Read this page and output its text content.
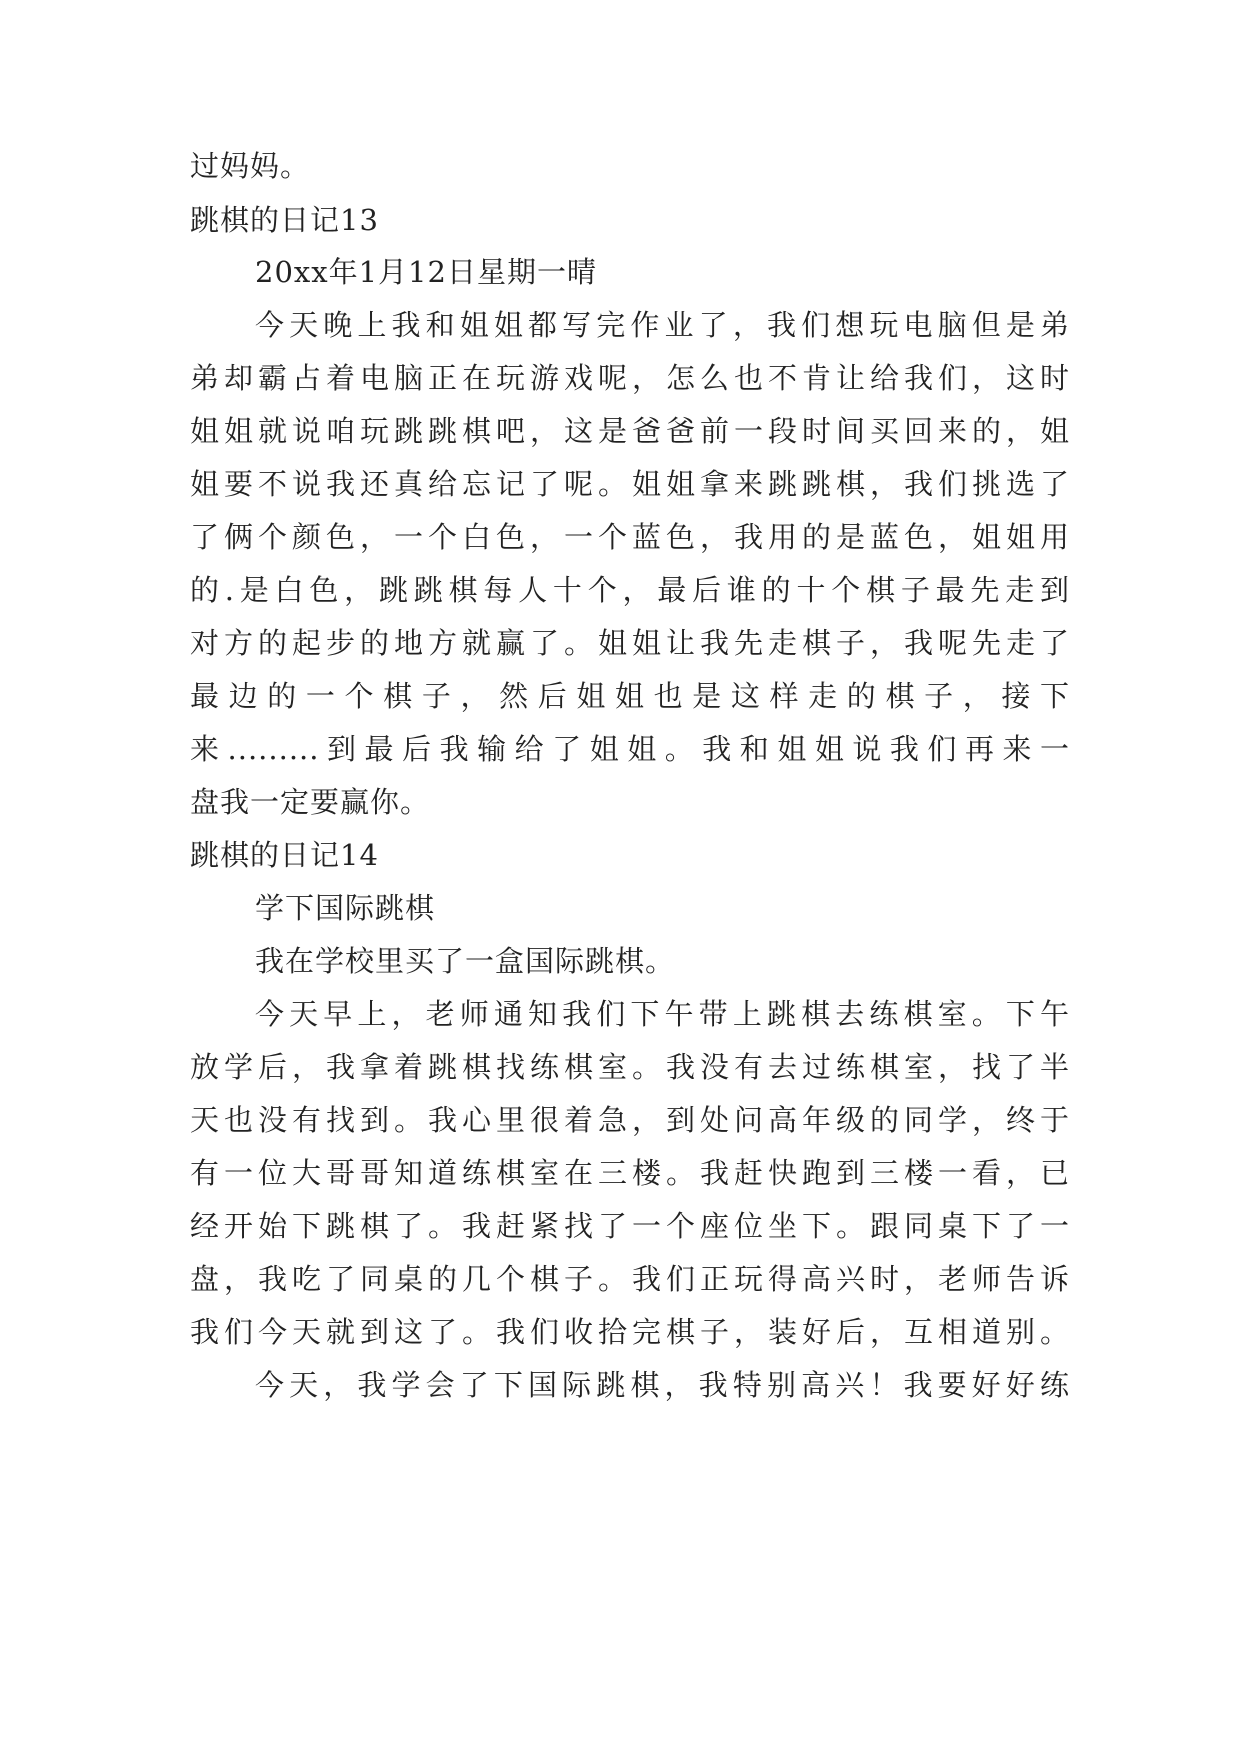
过妈妈。
跳棋的日记13
20xx年1月12日星期一晴
今天晚上我和姐姐都写完作业了，我们想玩电脑但是弟
弟却霸占着电脑正在玩游戏呢，怎么也不肯让给我们，这时
姐姐就说咱玩跳跳棋吧，这是爸爸前一段时间买回来的，姐
姐要不说我还真给忘记了呢。姐姐拿来跳跳棋，我们挑选了
了俩个颜色，一个白色，一个蓝色，我用的是蓝色，姐姐用
的.是白色，跳跳棋每人十个，最后谁的十个棋子最先走到
对方的起步的地方就赢了。姐姐让我先走棋子，我呢先走了
最边的一个棋子，然后姐姐也是这样走的棋子，接下
来.........到最后我输给了姐姐。我和姐姐说我们再来一
盘我一定要赢你。
跳棋的日记14
学下国际跳棋
我在学校里买了一盒国际跳棋。
今天早上，老师通知我们下午带上跳棋去练棋室。下午
放学后，我拿着跳棋找练棋室。我没有去过练棋室，找了半
天也没有找到。我心里很着急，到处问高年级的同学，终于
有一位大哥哥知道练棋室在三楼。我赶快跑到三楼一看，已
经开始下跳棋了。我赶紧找了一个座位坐下。跟同桌下了一
盘，我吃了同桌的几个棋子。我们正玩得高兴时，老师告诉
我们今天就到这了。我们收拾完棋子，装好后，互相道别。
今天，我学会了下国际跳棋，我特别高兴！我要好好练
